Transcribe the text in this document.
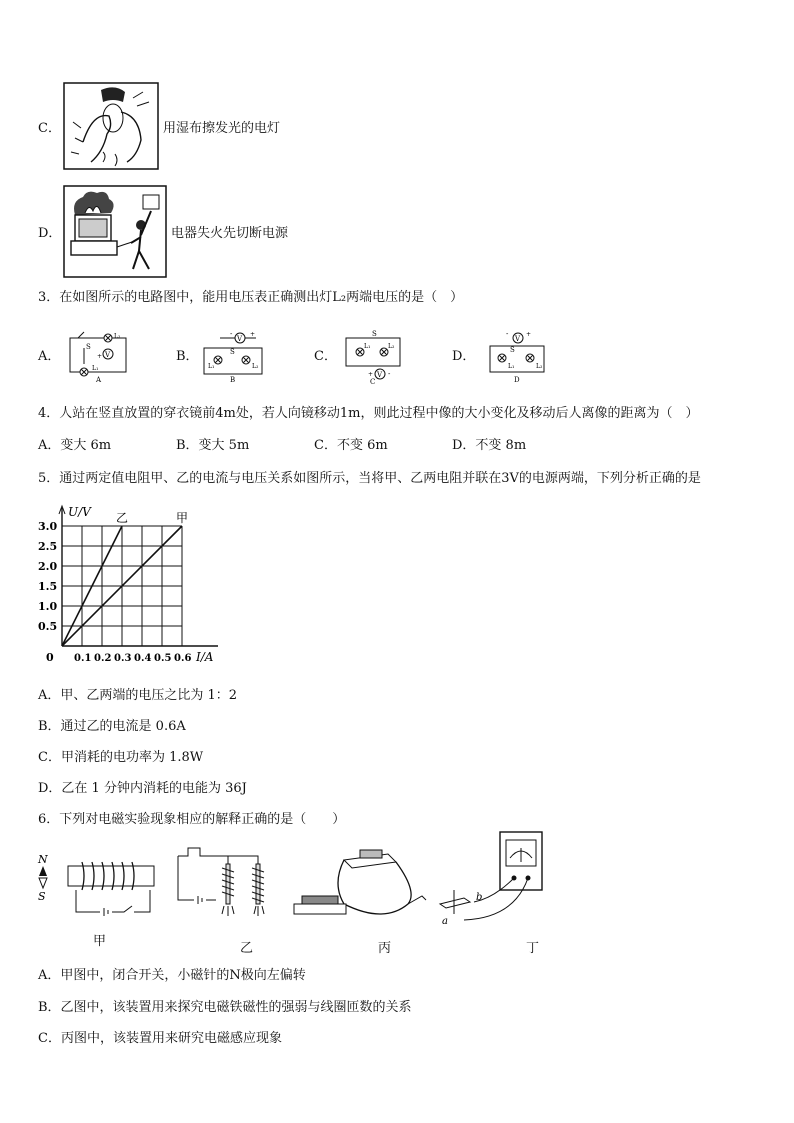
C．	用湿布擦发光的电灯
D．	电器失火先切断电源
3．在如图所示的电路图中，能用电压表正确测出灯L₂两端电压的是（　）
A．
S
V
L₂
+
L₁
A
B．
-
V
+
S
L₁	L₂
B
C．
S
L₁	L₂
V
+ -
C
D．
-
V
+
S
L₁	L₂
D
4．人站在竖直放置的穿衣镜前4m处，若人向镜移动1m，则此过程中像的大小变化及移动后人离像的距离为（　）
A．变大 6m	B．变大 5m	C．不变 6m	D．不变 8m
5．通过两定值电阻甲、乙的电流与电压关系如图所示，当将甲、乙两电阻并联在3V的电源两端，下列分析正确的是
3.0
2.5
2.0
1.5
1.0
0.5
0.1 0.2 0.3 0.4 0.5 0.6
0
U/V
I/A
甲
乙
A．甲、乙两端的电压之比为 1：2
B．通过乙的电流是 0.6A
C．甲消耗的电功率为 1.8W
D．乙在 1 分钟内消耗的电能为 36J
6．下列对电磁实验现象相应的解释正确的是（　　）
N
S
甲	乙	丙
b
a
丁
A．甲图中，闭合开关，小磁针的N极向左偏转
B．乙图中，该装置用来探究电磁铁磁性的强弱与线圈匝数的关系
C．丙图中，该装置用来研究电磁感应现象
